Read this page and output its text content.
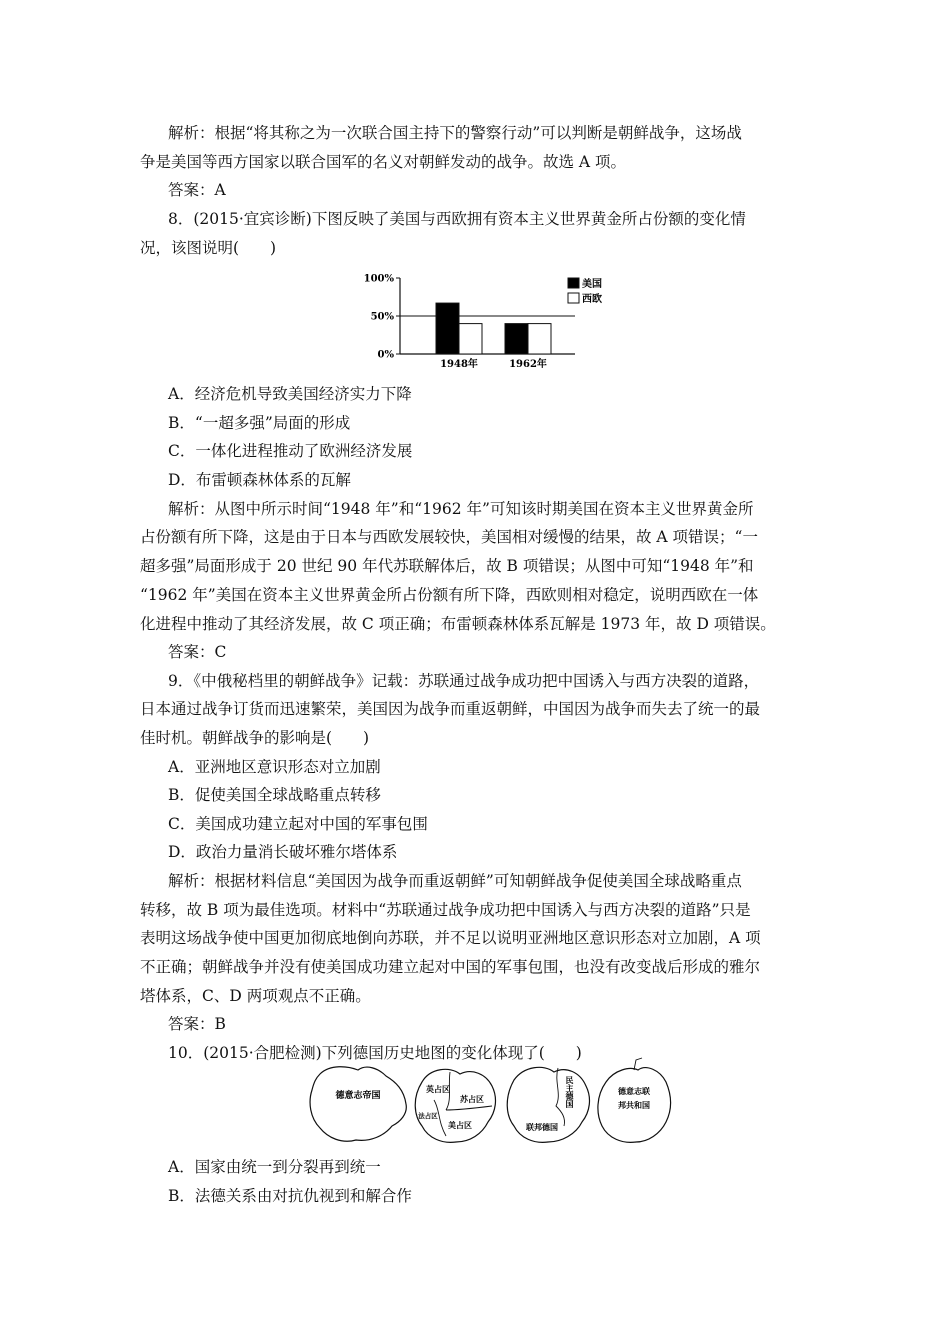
解析：根据“将其称之为一次联合国主持下的警察行动”可以判断是朝鲜战争，这场战
争是美国等西方国家以联合国军的名义对朝鲜发动的战争。故选 A 项。
答案：A
8．(2015·宜宾诊断)下图反映了美国与西欧拥有资本主义世界黄金所占份额的变化情
况，该图说明(　　)
0%
50%
100%
1948年	1962年
美国
西欧
A．经济危机导致美国经济实力下降
B．“一超多强”局面的形成
C．一体化进程推动了欧洲经济发展
D．布雷顿森林体系的瓦解
解析：从图中所示时间“1948 年”和“1962 年”可知该时期美国在资本主义世界黄金所
占份额有所下降，这是由于日本与西欧发展较快，美国相对缓慢的结果，故 A 项错误；“一
超多强”局面形成于 20 世纪 90 年代苏联解体后，故 B 项错误；从图中可知“1948 年”和
“1962 年”美国在资本主义世界黄金所占份额有所下降，西欧则相对稳定，说明西欧在一体
化进程中推动了其经济发展，故 C 项正确；布雷顿森林体系瓦解是 1973 年，故 D 项错误。
答案：C
9．《中俄秘档里的朝鲜战争》记载：苏联通过战争成功把中国诱入与西方决裂的道路，
日本通过战争订货而迅速繁荣，美国因为战争而重返朝鲜，中国因为战争而失去了统一的最
佳时机。朝鲜战争的影响是(　　)
A．亚洲地区意识形态对立加剧
B．促使美国全球战略重点转移
C．美国成功建立起对中国的军事包围
D．政治力量消长破坏雅尔塔体系
解析：根据材料信息“美国因为战争而重返朝鲜”可知朝鲜战争促使美国全球战略重点
转移，故 B 项为最佳选项。材料中“苏联通过战争成功把中国诱入与西方决裂的道路”只是
表明这场战争使中国更加彻底地倒向苏联，并不足以说明亚洲地区意识形态对立加剧，A 项
不正确；朝鲜战争并没有使美国成功建立起对中国的军事包围，也没有改变战后形成的雅尔
塔体系，C、D 两项观点不正确。
答案：B
10．(2015·合肥检测)下列德国历史地图的变化体现了(　　)
德意志帝国
英占区
苏占区
法占区
美占区
民主德国
联邦德国
德意志联
邦共和国
A．国家由统一到分裂再到统一
B．法德关系由对抗仇视到和解合作
